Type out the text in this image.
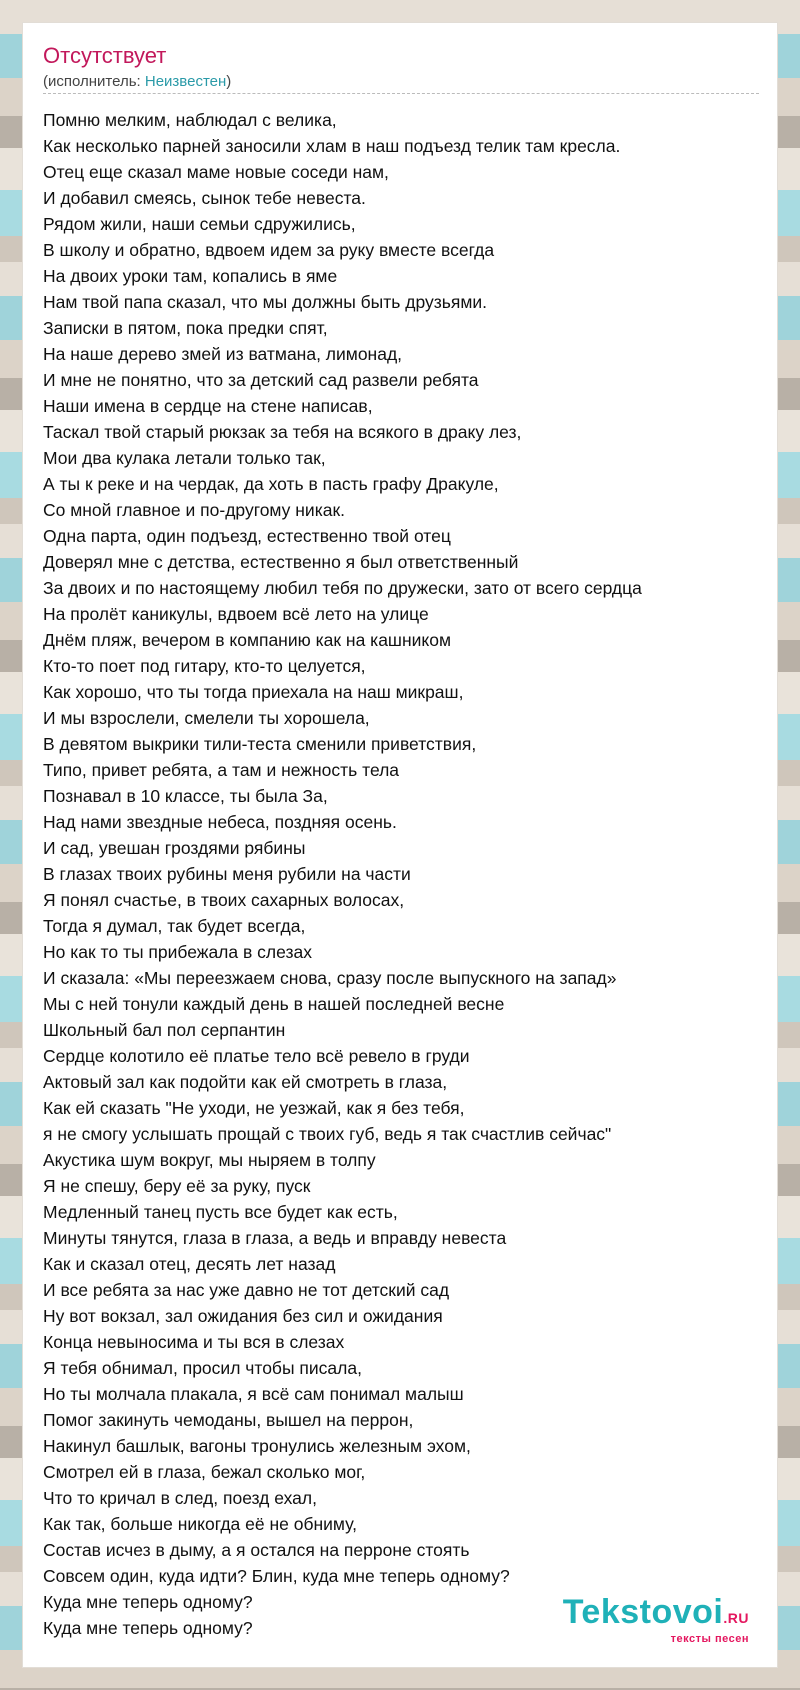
Отсутствует
(исполнитель: Неизвестен)
Помню мелким, наблюдал с велика,
Как несколько парней заносили хлам в наш подъезд телик там кресла.
Отец еще сказал маме новые соседи нам,
И добавил смеясь, сынок тебе невеста.
Рядом жили, наши семьи сдружились,
В школу и обратно, вдвоем идем за руку вместе всегда
На двоих уроки там, копались в яме
Нам твой папа сказал, что мы должны быть друзьями.
Записки в пятом, пока предки спят,
На наше дерево змей из ватмана, лимонад,
И мне не понятно, что за детский сад развели ребята
Наши имена в сердце на стене написав,
Таскал твой старый рюкзак за тебя на всякого в драку лез,
Мои два кулака летали только так,
А ты к реке и на чердак, да хоть в пасть графу Дракуле,
Со мной главное и по-другому никак.
Одна парта, один подъезд, естественно твой отец
Доверял мне с детства, естественно я был ответственный
За двоих и по настоящему любил тебя по дружески, зато от всего сердца
На пролёт каникулы, вдвоем всё лето на улице
Днём пляж, вечером в компанию как на кашником
Кто-то поет под гитару, кто-то целуется,
Как хорошо, что ты тогда приехала на наш микраш,
И мы взрослели, смелели ты хорошела,
В девятом выкрики тили-теста сменили приветствия,
Типо, привет ребята, а там и нежность тела
Познавал в 10 классе, ты была За,
Над нами звездные небеса, поздняя осень.
И сад, увешан гроздями рябины
В глазах твоих рубины меня рубили на части
Я понял счастье, в твоих сахарных волосах,
Тогда я думал, так будет всегда,
Но как то ты прибежала в слезах
И сказала: «Мы переезжаем снова, сразу после выпускного на запад»
Мы с ней тонули каждый день в нашей последней весне
Школьный бал пол серпантин
Сердце колотило её платье тело всё ревело в груди
Актовый зал как подойти как ей смотреть в глаза,
Как ей сказать "Не уходи, не уезжай, как я без тебя,
я не смогу услышать прощай с твоих губ, ведь я так счастлив сейчас"
Акустика шум вокруг, мы ныряем в толпу
Я не спешу, беру её за руку, пуск
Медленный танец пусть все будет как есть,
Минуты тянутся, глаза в глаза, а ведь и вправду невеста
Как и сказал отец, десять лет назад
И все ребята за нас уже давно не тот детский сад
Ну вот вокзал, зал ожидания без сил и ожидания
Конца невыносима и ты вся в слезах
Я тебя обнимал, просил чтобы писала,
Но ты молчала плакала, я всё сам понимал малыш
Помог закинуть чемоданы, вышел на перрон,
Накинул башлык, вагоны тронулись железным эхом,
Смотрел ей в глаза, бежал сколько мог,
Что то кричал в след, поезд ехал,
Как так, больше никогда её не обниму,
Состав исчез в дыму, а я остался на перроне стоять
Совсем один, куда идти? Блин, куда мне теперь одному?
Куда мне теперь одному?
Куда мне теперь одному?	Tekstovoi.RU
тексты песен
